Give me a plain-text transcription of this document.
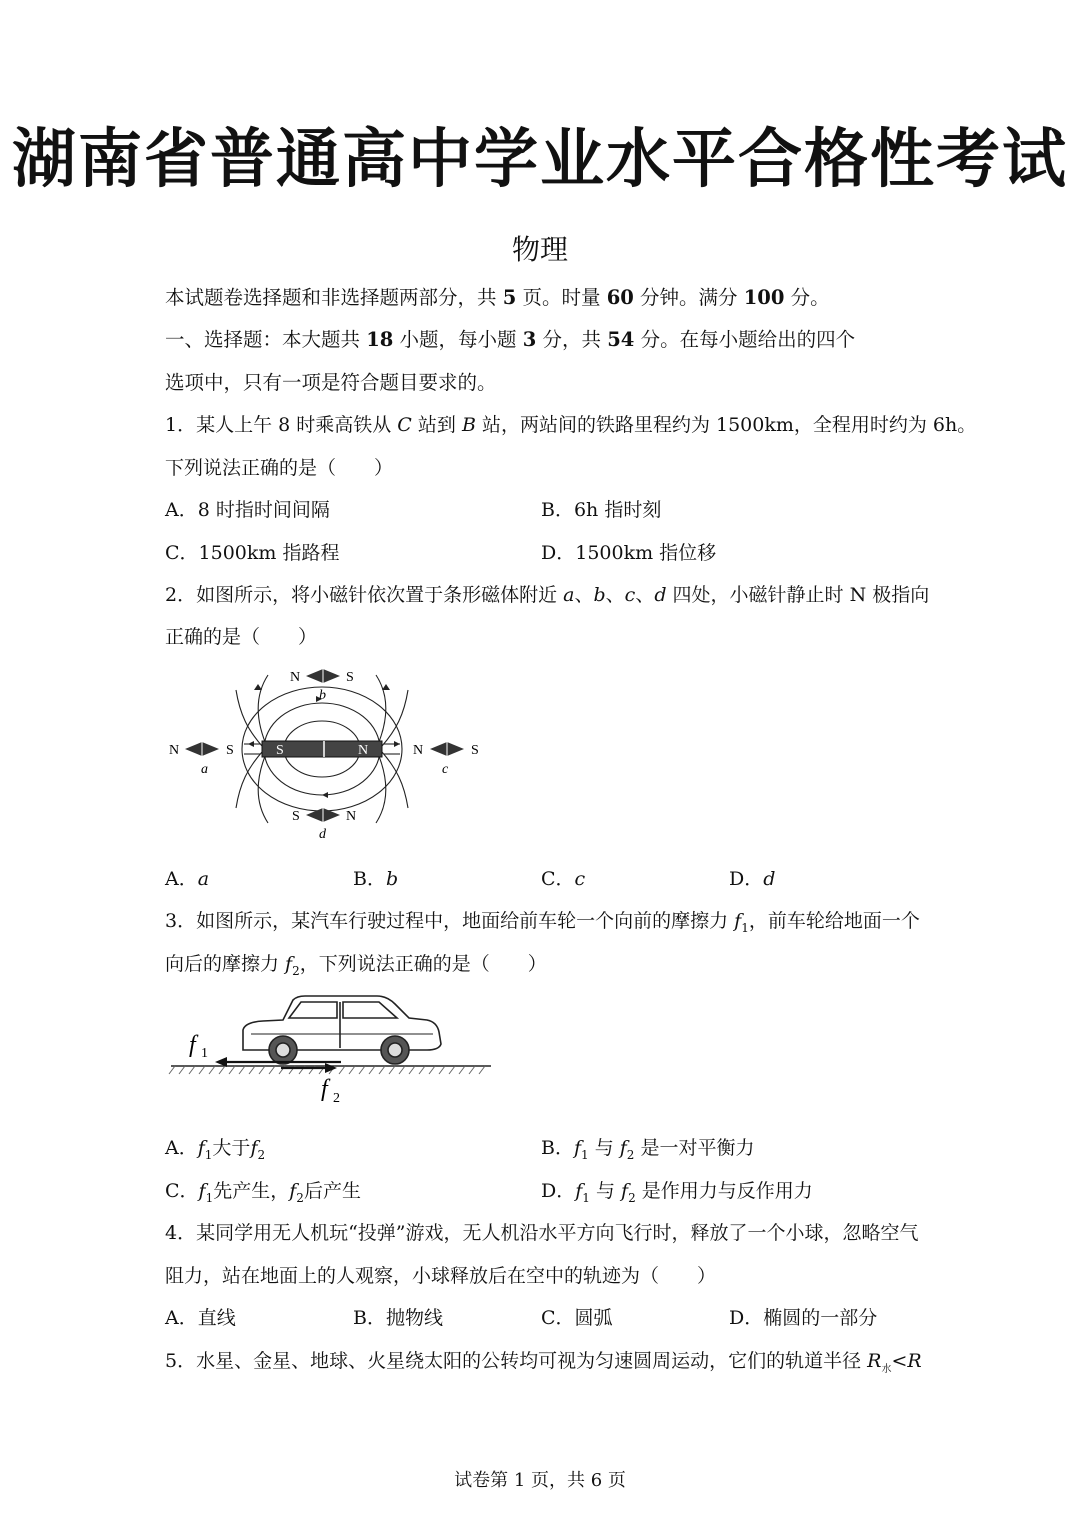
湖南省普通高中学业水平合格性考试
物理
本试题卷选择题和非选择题两部分，共 5 页。时量 60 分钟。满分 100 分。
一、选择题：本大题共 18 小题，每小题 3 分，共 54 分。在每小题给出的四个
选项中，只有一项是符合题目要求的。
1．某人上午 8 时乘高铁从 C 站到 B 站，两站间的铁路里程约为 1500km，全程用时约为 6h。
下列说法正确的是（　　）
A．8 时指时间间隔	B．6h 指时刻
C．1500km 指路程	D．1500km 指位移
2．如图所示，将小磁针依次置于条形磁体附近 a、b、c、d 四处，小磁针静止时 N 极指向
正确的是（　　）
S	N
N	S
b
N	S
a
N	S
c
S	N
d
A．a	B．b	C．c	D．d
3．如图所示，某汽车行驶过程中，地面给前车轮一个向前的摩擦力 $f_1$，前车轮给地面一个
向后的摩擦力 $f_2$，下列说法正确的是（　　）
f 1
f 2
A．$f_1$大于$f_2$	B．$f_1$ 与 $f_2$ 是一对平衡力
C．$f_1$先产生，$f_2$后产生	D．$f_1$ 与 $f_2$ 是作用力与反作用力
4．某同学用无人机玩“投弹”游戏，无人机沿水平方向飞行时，释放了一个小球，忽略空气
阻力，站在地面上的人观察，小球释放后在空中的轨迹为（　　）
A．直线	B．抛物线	C．圆弧	D．椭圆的一部分
5．水星、金星、地球、火星绕太阳的公转均可视为匀速圆周运动，它们的轨道半径 $R_水<R$
试卷第 1 页，共 6 页
